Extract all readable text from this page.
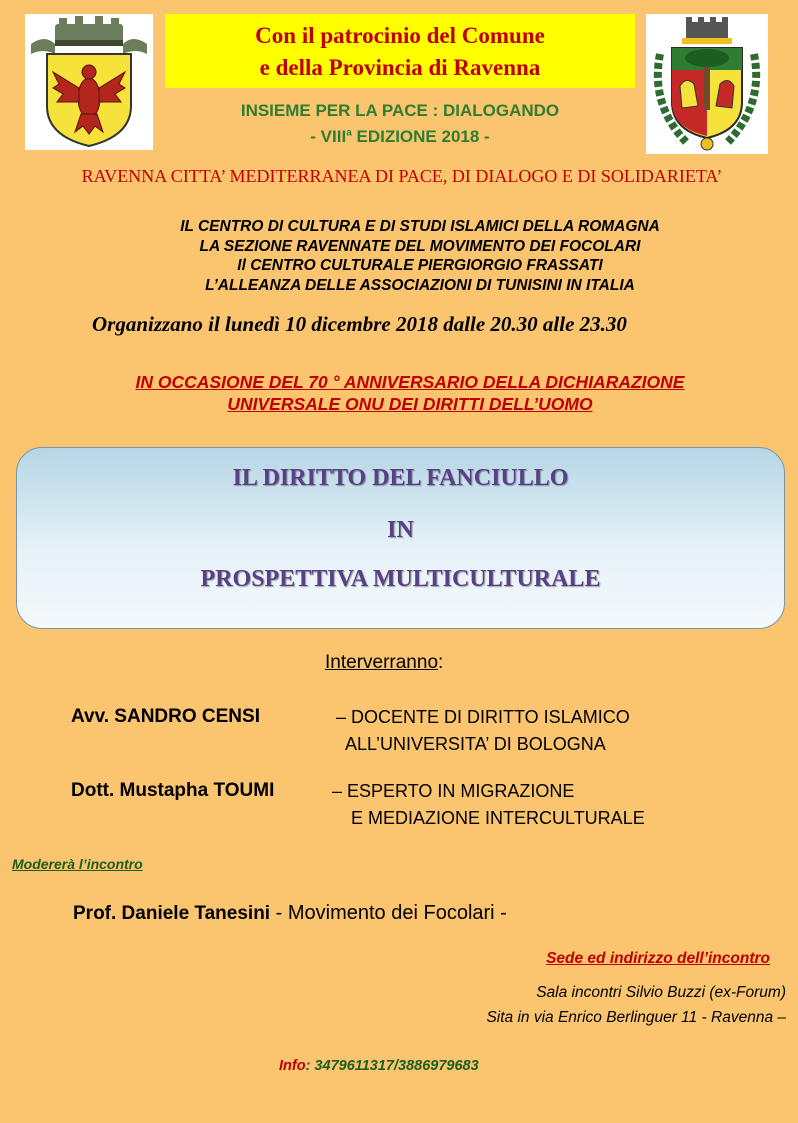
Con il patrocinio del Comune
e della Provincia di Ravenna
INSIEME PER LA PACE : DIALOGANDO
- VIII$^a$ EDIZIONE 2018 -
RAVENNA CITTA’ MEDITERRANEA DI PACE, DI DIALOGO E DI SOLIDARIETA’
IL CENTRO DI CULTURA E DI STUDI ISLAMICI DELLA ROMAGNA
LA SEZIONE RAVENNATE DEL MOVIMENTO DEI FOCOLARI
Il CENTRO CULTURALE PIERGIORGIO FRASSATI
L’ALLEANZA DELLE ASSOCIAZIONI DI TUNISINI IN ITALIA
Organizzano il lunedì 10 dicembre 2018 dalle 20.30 alle 23.30
IN OCCASIONE DEL 70 ° ANNIVERSARIO DELLA DICHIARAZIONE
UNIVERSALE ONU DEI DIRITTI DELL’UOMO
IL DIRITTO DEL FANCIULLO
IN
PROSPETTIVA MULTICULTURALE
Interverranno:
Avv. SANDRO CENSI	– DOCENTE DI DIRITTO ISLAMICO
ALL’UNIVERSITA’ DI BOLOGNA
Dott. Mustapha TOUMI	– ESPERTO IN MIGRAZIONE
E MEDIAZIONE INTERCULTURALE
Modererà l’incontro
Prof. Daniele Tanesini - Movimento dei Focolari -
Sede ed indirizzo dell’incontro
Sala incontri Silvio Buzzi (ex-Forum)
Sita in via Enrico Berlinguer 11 - Ravenna –
Info: 3479611317/3886979683
